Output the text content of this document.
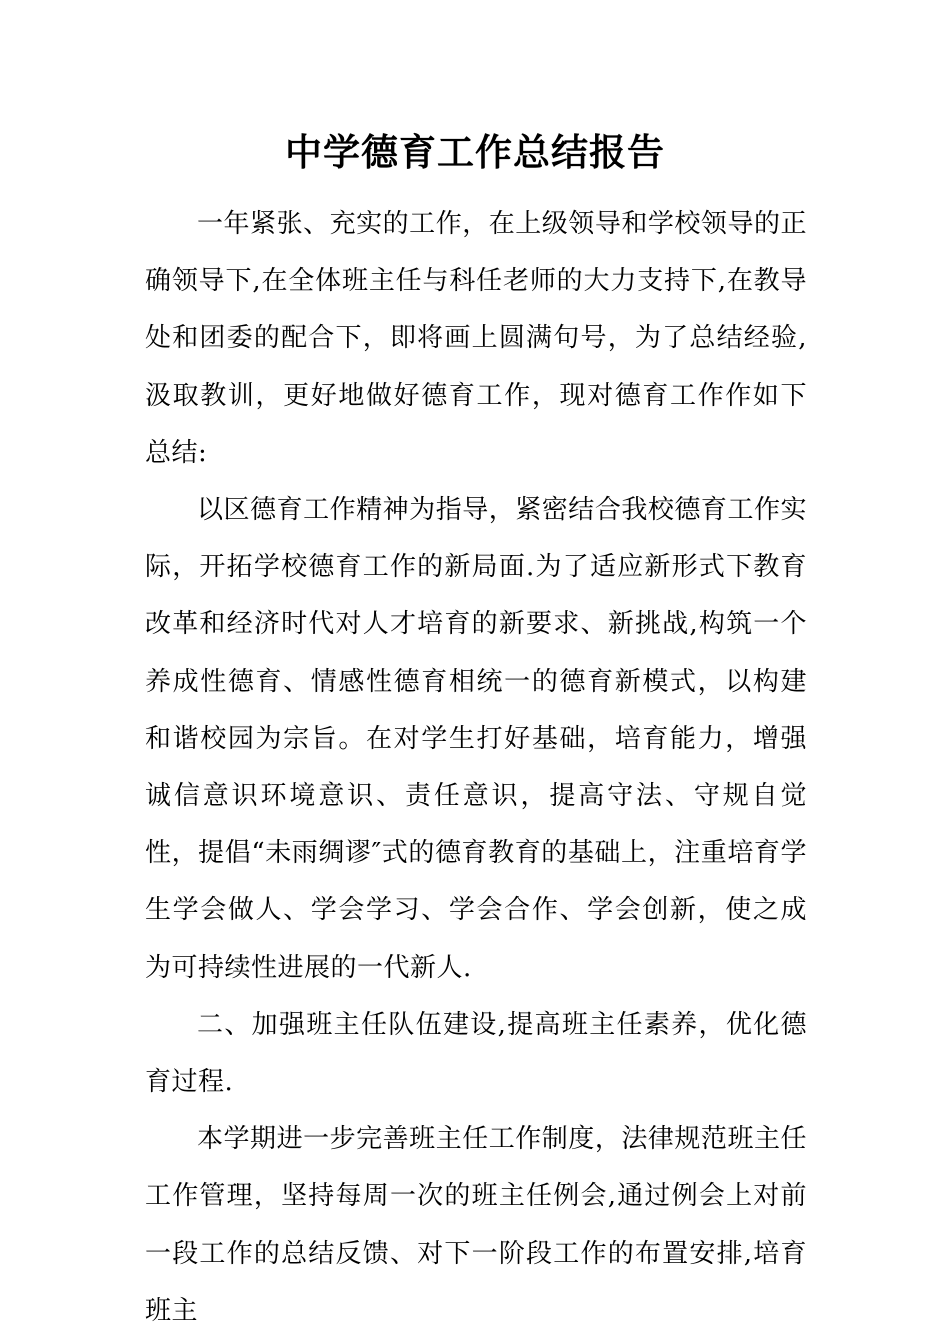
中学德育工作总结报告

一年紧张、充实的工作，在上级领导和学校领导的正确领导下,在全体班主任与科任老师的大力支持下,在教导处和团委的配合下，即将画上圆满句号，为了总结经验,汲取教训，更好地做好德育工作，现对德育工作作如下总结:

以区德育工作精神为指导，紧密结合我校德育工作实际，开拓学校德育工作的新局面.为了适应新形式下教育改革和经济时代对人才培育的新要求、新挑战,构筑一个养成性德育、情感性德育相统一的德育新模式，以构建和谐校园为宗旨。在对学生打好基础，培育能力，增强诚信意识环境意识、责任意识，提高守法、守规自觉性，提倡“未雨绸谬″式的德育教育的基础上，注重培育学生学会做人、学会学习、学会合作、学会创新，使之成为可持续性进展的一代新人.

二、加强班主任队伍建设,提高班主任素养，优化德育过程.

本学期进一步完善班主任工作制度，法律规范班主任工作管理，坚持每周一次的班主任例会,通过例会上对前一段工作的总结反馈、对下一阶段工作的布置安排,培育班主
